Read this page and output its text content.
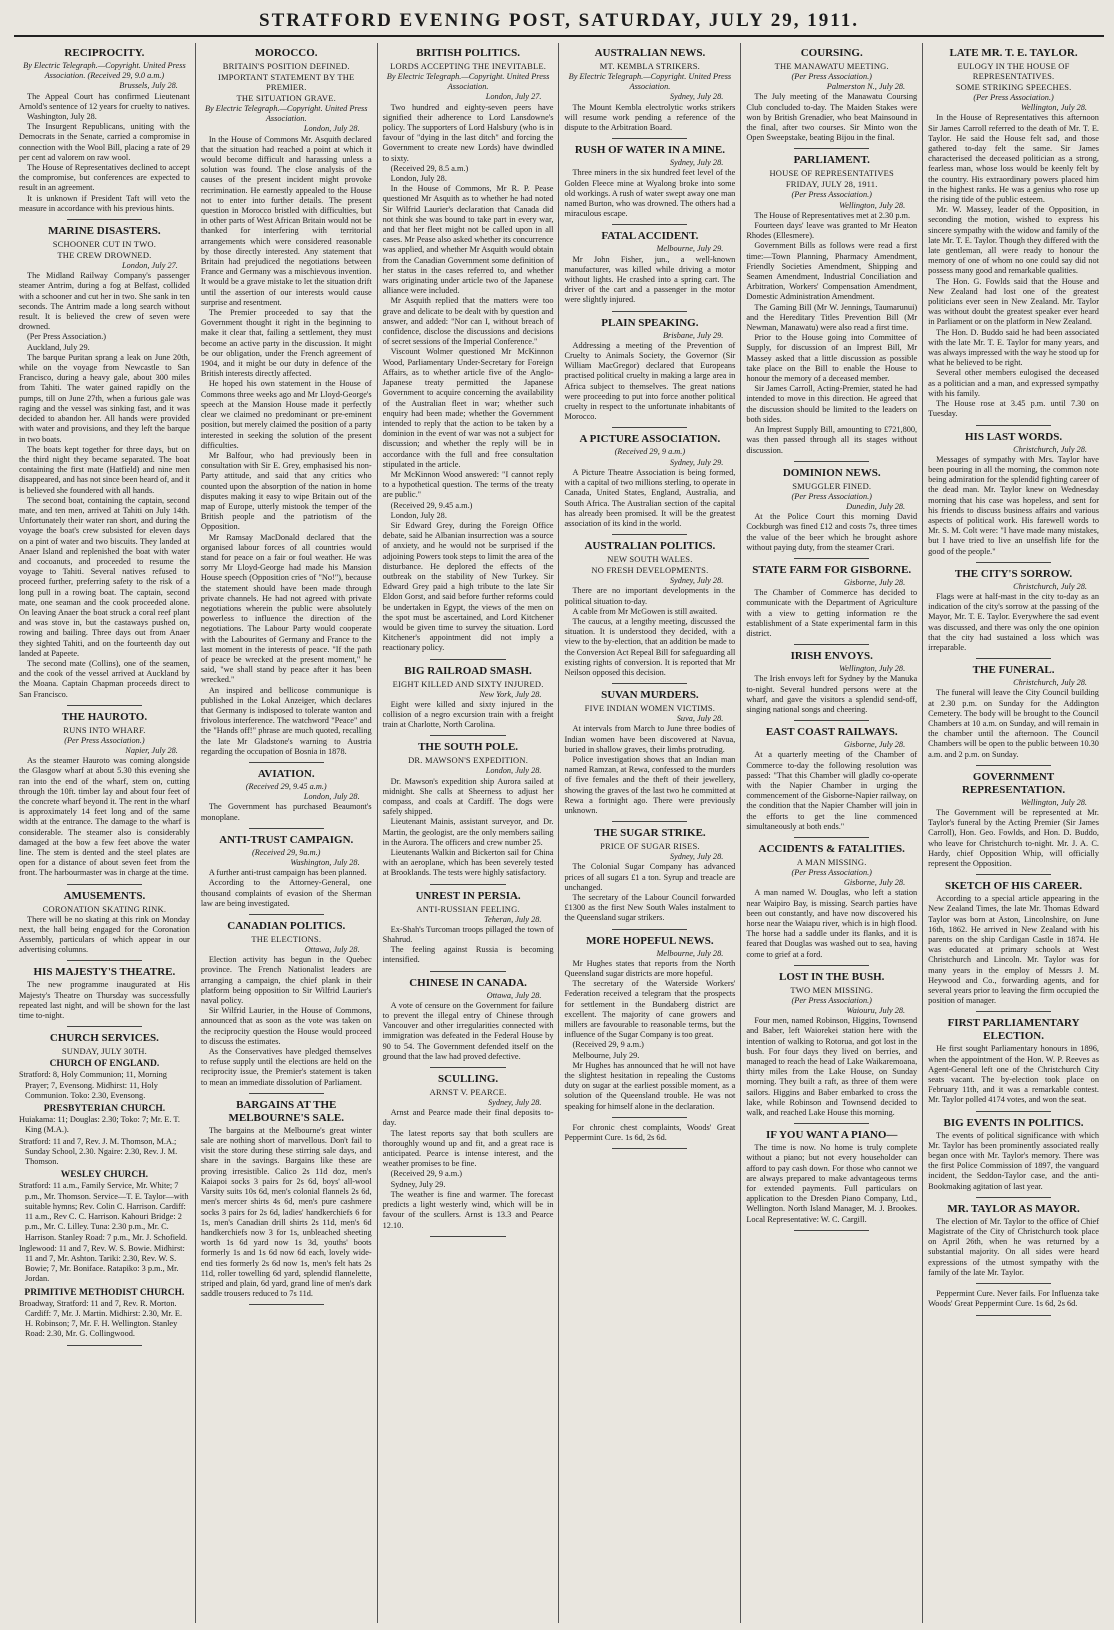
STRATFORD EVENING POST, SATURDAY, JULY 29, 1911.
RECIPROCITY.
By Electric Telegraph.—Copyright. United Press Association. (Received 29, 9.0 a.m.)
Brussels, July 28.

The Appeal Court has confirmed Lieutenant Arnold's sentence of 12 years for cruelty to natives.

Washington, July 28.

The Insurgent Republicans, uniting with the Democrats in the Senate, carried a compromise in connection with the Wool Bill, placing a rate of 29 per cent ad valorem on raw wool.

The House of Representatives declined to accept the compromise, but conferences are expected to result in an agreement.

It is unknown if President Taft will veto the measure in accordance with his previous hints.

MARINE DISASTERS.
SCHOONER CUT IN TWO.
THE CREW DROWNED.
London, July 27.

The Midland Railway Company's passenger steamer Antrim, during a fog at Belfast, collided with a schooner and cut her in two. She sank in ten seconds. The Antrim made a long search without result. It is believed the crew of seven were drowned.

(Per Press Association.)

Auckland, July 29.

The barque Puritan sprang a leak on June 20th, while on the voyage from Newcastle to San Francisco, during a heavy gale, about 300 miles from Tahiti. The water gained rapidly on the pumps, till on June 27th, when a furious gale was raging and the vessel was sinking fast, and it was decided to abandon her. All hands were provided with water and provisions, and they left the barque in two boats.

The boats kept together for three days, but on the third night they became separated. The boat containing the first mate (Hatfield) and nine men disappeared, and has not since been heard of, and it is believed she foundered with all hands.

The second boat, containing the captain, second mate, and ten men, arrived at Tahiti on July 14th. Unfortunately their water ran short, and during the voyage the boat's crew subsisted for eleven days on a pint of water and two biscuits. They landed at Anaer Island and replenished the boat with water and cocoanuts, and proceeded to resume the voyage to Tahiti. Several natives refused to proceed further, preferring safety to the risk of a long pull in a rowing boat. The captain, second mate, one seaman and the cook proceeded alone. On leaving Anaer the boat struck a coral reef plant and was stove in, but the castaways pushed on, rowing and bailing. Three days out from Anaer they sighted Tahiti, and on the fourteenth day out landed at Papeete.

The second mate (Collins), one of the seamen, and the cook of the vessel arrived at Auckland by the Moana. Captain Chapman proceeds direct to San Francisco.

THE HAUROTO.
RUNS INTO WHARF.
(Per Press Association.)
Napier, July 28.

As the steamer Hauroto was coming alongside the Glasgow wharf at about 5.30 this evening she ran into the end of the wharf, stem on, cutting through the 10ft. timber lay and about four feet of the concrete wharf beyond it. The rent in the wharf is approximately 14 feet long and of the same width at the entrance. The damage to the wharf is considerable. The steamer also is considerably damaged at the bow a few feet above the water line. The stem is dented and the steel plates are open for a distance of about seven feet from the front. The harbourmaster was in charge at the time.

AMUSEMENTS.
CORONATION SKATING RINK.

There will be no skating at this rink on Monday next, the hall being engaged for the Coronation Assembly, particulars of which appear in our advertising columns.

HIS MAJESTY'S THEATRE.

The new programme inaugurated at His Majesty's Theatre on Thursday was successfully repeated last night, and will be shown for the last time to-night.

CHURCH SERVICES.
SUNDAY, JULY 30TH.
CHURCH OF ENGLAND.
Stratford: 8, Holy Communion; 11, Morning Prayer; 7, Evensong. Midhirst: 11, Holy Communion. Toko: 2.30, Evensong.
PRESBYTERIAN CHURCH.
Huiakama: 11; Douglas: 2.30; Toko: 7; Mr. E. T. King (M.A.).
Stratford: 11 and 7, Rev. J. M. Thomson, M.A.; Sunday School, 2.30. Ngaire: 2.30, Rev. J. M. Thomson.
WESLEY CHURCH.
Stratford: 11 a.m., Family Service, Mr. White; 7 p.m., Mr. Thomson. Service—T. E. Taylor—with suitable hymns; Rev. Colin C. Harrison. Cardiff: 11 a.m., Rev C. C. Harrison. Kahouri Bridge: 2 p.m., Mr. C. Lilley. Tuna: 2.30 p.m., Mr. C. Harrison. Stanley Road: 7 p.m., Mr. J. Schofield.
Inglewood: 11 and 7, Rev. W. S. Bowie. Midhirst: 11 and 7, Mr. Ashton. Tariki: 2.30, Rev. W. S. Bowie; 7, Mr. Boniface. Ratapiko: 3 p.m., Mr. Jordan.
PRIMITIVE METHODIST CHURCH.
Broadway, Stratford: 11 and 7, Rev. R. Morton. Cardiff: 7, Mr. J. Martin. Midhirst: 2.30, Mr. E. H. Robinson; 7, Mr. F. H. Wellington. Stanley Road: 2.30, Mr. G. Collingwood.
MOROCCO.
BRITAIN'S POSITION DEFINED.
IMPORTANT STATEMENT BY THE PREMIER.
THE SITUATION GRAVE.
By Electric Telegraph.—Copyright. United Press Association.
London, July 28.

In the House of Commons Mr. Asquith declared that the situation had reached a point at which it would become difficult and harassing unless a solution was found. The close analysis of the causes of the present incident might provoke recrimination. He earnestly appealed to the House not to enter into further details. The present question in Morocco bristled with difficulties, but in other parts of West African Britain would not be thanked for interfering with territorial arrangements which were considered reasonable by those directly interested. Any statement that Britain had prejudiced the negotiations between France and Germany was a mischievous invention. It would be a grave mistake to let the situation drift until the assertion of our interests would cause surprise and resentment.

The Premier proceeded to say that the Government thought it right in the beginning to make it clear that, failing a settlement, they must become an active party in the discussion. It might be our obligation, under the French agreement of 1904, and it might be our duty in defence of the British interests directly affected.

He hoped his own statement in the House of Commons three weeks ago and Mr Lloyd-George's speech at the Mansion House made it perfectly clear we claimed no predominant or pre-eminent position, but merely claimed the position of a party interested in seeking the solution of the present difficulties.

Mr Balfour, who had previously been in consultation with Sir E. Grey, emphasised his non-Party attitude, and said that any critics who counted upon the absorption of the nation in home disputes making it easy to wipe Britain out of the map of Europe, utterly mistook the temper of the British people and the patriotism of the Opposition.

Mr Ramsay MacDonald declared that the organised labour forces of all countries would stand for peace on a fair or foul weather. He was sorry Mr Lloyd-George had made his Mansion House speech (Opposition cries of "No!"), because the statement should have been made through private channels. He had not agreed with private negotiations wherein the public were absolutely powerless to influence the direction of the negotiations. The Labour Party would cooperate with the Labourites of Germany and France to the last moment in the interests of peace. "If the path of peace be wrecked at the present moment," he said, "we shall stand by peace after it has been wrecked."

An inspired and bellicose communique is published in the Lokal Anzeiger, which declares that Germany is indisposed to tolerate wanton and frivolous interference. The watchword "Peace" and the "Hands off!" phrase are much quoted, recalling the late Mr Gladstone's warning to Austria regarding the occupation of Bosnia in 1878.

AVIATION.
(Received 29, 9.45 a.m.)
London, July 28.

The Government has purchased Beaumont's monoplane.

ANTI-TRUST CAMPAIGN.
(Received 29, 9a.m.)
Washington, July 28.

A further anti-trust campaign has been planned.

According to the Attorney-General, one thousand complaints of evasion of the Sherman law are being investigated.

CANADIAN POLITICS.
THE ELECTIONS.
Ottawa, July 28.

Election activity has begun in the Quebec province. The French Nationalist leaders are arranging a campaign, the chief plank in their platform being opposition to Sir Wilfrid Laurier's naval policy.

Sir Wilfrid Laurier, in the House of Commons, announced that as soon as the vote was taken on the reciprocity question the House would proceed to discuss the estimates.

As the Conservatives have pledged themselves to refuse supply until the elections are held on the reciprocity issue, the Premier's statement is taken to mean an immediate dissolution of Parliament.

BARGAINS AT THE MELBOURNE'S SALE.

The bargains at the Melbourne's great winter sale are nothing short of marvellous. Don't fail to visit the store during these stirring sale days, and share in the savings. Bargains like these are proving irresistible. Calico 2s 11d doz, men's Kaiapoi socks 3 pairs for 2s 6d, boys' all-wool Varsity suits 10s 6d, men's colonial flannels 2s 6d, men's mercer shirts 4s 6d, men's pure cashmere socks 3 pairs for 2s 6d, ladies' handkerchiefs 6 for 1s, men's Canadian drill shirts 2s 11d, men's 6d handkerchiefs now 3 for 1s, unbleached sheeting worth 1s 6d yard now 1s 3d, youths' boots formerly 1s and 1s 6d now 6d each, lovely wide-end ties formerly 2s 6d now 1s, men's felt hats 2s 11d, roller towelling 6d yard, splendid flannelette, striped and plain, 6d yard, grand line of men's dark saddle trousers reduced to 7s 11d.

BRITISH POLITICS.
LORDS ACCEPTING THE INEVITABLE.
By Electric Telegraph.—Copyright. United Press Association.
London, July 27.

Two hundred and eighty-seven peers have signified their adherence to Lord Lansdowne's policy. The supporters of Lord Halsbury (who is in favour of "dying in the last ditch" and forcing the Government to create new Lords) have dwindled to sixty.

(Received 29, 8.5 a.m.)

London, July 28.

In the House of Commons, Mr R. P. Pease questioned Mr Asquith as to whether he had noted Sir Wilfrid Laurier's declaration that Canada did not think she was bound to take part in every war, and that her fleet might not be called upon in all cases. Mr Pease also asked whether its concurrence was applied, and whether Mr Asquith would obtain from the Canadian Government some definition of her status in the cases referred to, and whether wars originating under article two of the Japanese alliance were included.

Mr Asquith replied that the matters were too grave and delicate to be dealt with by question and answer, and added: "Nor can I, without breach of confidence, disclose the discussions and decisions of secret sessions of the Imperial Conference."

Viscount Wolmer questioned Mr McKinnon Wood, Parliamentary Under-Secretary for Foreign Affairs, as to whether article five of the Anglo-Japanese treaty permitted the Japanese Government to acquire concerning the availability of the Australian fleet in war; whether such enquiry had been made; whether the Government intended to reply that the action to be taken by a dominion in the event of war was not a subject for discussion; and whether the reply will be in accordance with the full and free consultation stipulated in the article.

Mr McKinnon Wood answered: "I cannot reply to a hypothetical question. The terms of the treaty are public."

(Received 29, 9.45 a.m.)

London, July 28.

Sir Edward Grey, during the Foreign Office debate, said he Albanian insurrection was a source of anxiety, and he would not be surprised if the adjoining Powers took steps to limit the area of the disturbance. He deplored the effects of the outbreak on the stability of New Turkey. Sir Edward Grey paid a high tribute to the late Sir Eldon Gorst, and said before further reforms could be undertaken in Egypt, the views of the men on the spot must be ascertained, and Lord Kitchener would be given time to survey the situation. Lord Kitchener's appointment did not imply a reactionary policy.

BIG RAILROAD SMASH.
EIGHT KILLED AND SIXTY INJURED.
New York, July 28.

Eight were killed and sixty injured in the collision of a negro excursion train with a freight train at Charlotte, North Carolina.

THE SOUTH POLE.
DR. MAWSON'S EXPEDITION.
London, July 28.

Dr. Mawson's expedition ship Aurora sailed at midnight. She calls at Sheerness to adjust her compass, and coals at Cardiff. The dogs were safely shipped.

Lieutenant Mainis, assistant surveyor, and Dr. Martin, the geologist, are the only members sailing in the Aurora. The officers and crew number 25.

Lieutenants Walkin and Bickerton sail for China with an aeroplane, which has been severely tested at Brooklands. The tests were highly satisfactory.

UNREST IN PERSIA.
ANTI-RUSSIAN FEELING.
Teheran, July 28.

Ex-Shah's Turcoman troops pillaged the town of Shahrud.

The feeling against Russia is becoming intensified.

CHINESE IN CANADA.
Ottawa, July 28.

A vote of censure on the Government for failure to prevent the illegal entry of Chinese through Vancouver and other irregularities connected with immigration was defeated in the Federal House by 90 to 54. The Government defended itself on the ground that the law had proved defective.

SCULLING.
ARNST V. PEARCE.
Sydney, July 28.

Arnst and Pearce made their final deposits to-day.

The latest reports say that both scullers are thoroughly wound up and fit, and a great race is anticipated. Pearce is intense interest, and the weather promises to be fine.

(Received 29, 9 a.m.)

Sydney, July 29.

The weather is fine and warmer. The forecast predicts a light westerly wind, which will be in favour of the scullers. Arnst is 13.3 and Pearce 12.10.

AUSTRALIAN NEWS.
MT. KEMBLA STRIKERS.
By Electric Telegraph.—Copyright. United Press Association.
Sydney, July 28.

The Mount Kembla electrolytic works strikers will resume work pending a reference of the dispute to the Arbitration Board.

RUSH OF WATER IN A MINE.
Sydney, July 28.

Three miners in the six hundred feet level of the Golden Fleece mine at Wyalong broke into some old workings. A rush of water swept away one man named Burton, who was drowned. The others had a miraculous escape.

FATAL ACCIDENT.
Melbourne, July 29.

Mr John Fisher, jun., a well-known manufacturer, was killed while driving a motor without lights. He crashed into a spring cart. The driver of the cart and a passenger in the motor were slightly injured.

PLAIN SPEAKING.
Brisbane, July 29.

Addressing a meeting of the Prevention of Cruelty to Animals Society, the Governor (Sir William MacGregor) declared that Europeans practised political cruelty in making a large area in Africa subject to themselves. The great nations were proceeding to put into force another political cruelty in respect to the unfortunate inhabitants of Morocco.

A PICTURE ASSOCIATION.
(Received 29, 9 a.m.)
Sydney, July 29.

A Picture Theatre Association is being formed, with a capital of two millions sterling, to operate in Canada, United States, England, Australia, and South Africa. The Australian section of the capital has already been promised. It will be the greatest association of its kind in the world.

AUSTRALIAN POLITICS.
NEW SOUTH WALES.
NO FRESH DEVELOPMENTS.
Sydney, July 28.

There are no important developments in the political situation to-day.

A cable from Mr McGowen is still awaited.

The caucus, at a lengthy meeting, discussed the situation. It is understood they decided, with a view to the by-election, that an addition be made to the Conversion Act Repeal Bill for safeguarding all existing rights of conversion. It is reported that Mr Neilson opposed this decision.

SUVAN MURDERS.
FIVE INDIAN WOMEN VICTIMS.
Suva, July 28.

At intervals from March to June three bodies of Indian women have been discovered at Navua, buried in shallow graves, their limbs protruding.

Police investigation shows that an Indian man named Ramzan, at Rewa, confessed to the murders of five females and the theft of their jewellery, showing the graves of the last two he committed at Rewa a fortnight ago. There were previously unknown.

THE SUGAR STRIKE.
PRICE OF SUGAR RISES.
Sydney, July 28.

The Colonial Sugar Company has advanced prices of all sugars £1 a ton. Syrup and treacle are unchanged.

The secretary of the Labour Council forwarded £1300 as the first New South Wales instalment to the Queensland sugar strikers.

MORE HOPEFUL NEWS.
Melbourne, July 28.

Mr Hughes states that reports from the North Queensland sugar districts are more hopeful.

The secretary of the Waterside Workers' Federation received a telegram that the prospects for settlement in the Bundaberg district are excellent. The majority of cane growers and millers are favourable to reasonable terms, but the influence of the Sugar Company is too great.

(Received 29, 9 a.m.)

Melbourne, July 29.

Mr Hughes has announced that he will not have the slightest hesitation in repealing the Customs duty on sugar at the earliest possible moment, as a solution of the Queensland trouble. He was not speaking for himself alone in the declaration.

For chronic chest complaints, Woods' Great Peppermint Cure. 1s 6d, 2s 6d.

COURSING.
THE MANAWATU MEETING.
(Per Press Association.)
Palmerston N., July 28.

The July meeting of the Manawatu Coursing Club concluded to-day. The Maiden Stakes were won by British Grenadier, who beat Mainsound in the final, after two courses. Sir Minto won the Open Sweepstake, beating Bijou in the final.

PARLIAMENT.
HOUSE OF REPRESENTATIVES
FRIDAY, JULY 28, 1911.
(Per Press Association.)
Wellington, July 28.

The House of Representatives met at 2.30 p.m.

Fourteen days' leave was granted to Mr Heaton Rhodes (Ellesmere).

Government Bills as follows were read a first time:—Town Planning, Pharmacy Amendment, Friendly Societies Amendment, Shipping and Seamen Amendment, Industrial Conciliation and Arbitration, Workers' Compensation Amendment, Domestic Administration Amendment.

The Gaming Bill (Mr W. Jennings, Taumarunui) and the Hereditary Titles Prevention Bill (Mr Newman, Manawatu) were also read a first time.

Prior to the House going into Committee of Supply, for discussion of an Imprest Bill, Mr Massey asked that a little discussion as possible take place on the Bill to enable the House to honour the memory of a deceased member.

Sir James Carroll, Acting-Premier, stated he had intended to move in this direction. He agreed that the discussion should be limited to the leaders on both sides.

An Imprest Supply Bill, amounting to £721,800, was then passed through all its stages without discussion.

DOMINION NEWS.
SMUGGLER FINED.
(Per Press Association.)
Dunedin, July 28.

At the Police Court this morning David Cockburgh was fined £12 and costs 7s, three times the value of the beer which he brought ashore without paying duty, from the steamer Crari.

STATE FARM FOR GISBORNE.
Gisborne, July 28.

The Chamber of Commerce has decided to communicate with the Department of Agriculture with a view to getting information re the establishment of a State experimental farm in this district.

IRISH ENVOYS.
Wellington, July 28.

The Irish envoys left for Sydney by the Manuka to-night. Several hundred persons were at the wharf, and gave the visitors a splendid send-off, singing national songs and cheering.

EAST COAST RAILWAYS.
Gisborne, July 28.

At a quarterly meeting of the Chamber of Commerce to-day the following resolution was passed: "That this Chamber will gladly co-operate with the Napier Chamber in urging the commencement of the Gisborne-Napier railway, on the condition that the Napier Chamber will join in the efforts to get the line commenced simultaneously at both ends."

ACCIDENTS & FATALITIES.
A MAN MISSING.
(Per Press Association.)
Gisborne, July 28.

A man named W. Douglas, who left a station near Waipiro Bay, is missing. Search parties have been out constantly, and have now discovered his horse near the Waiapu river, which is in high flood. The horse had a saddle under its flanks, and it is feared that Douglas was washed out to sea, having come to grief at a ford.

LOST IN THE BUSH.
TWO MEN MISSING.
(Per Press Association.)
Waiouru, July 28.

Four men, named Robinson, Higgins, Townsend and Baber, left Waiorekei station here with the intention of walking to Rotorua, and got lost in the bush. For four days they lived on berries, and managed to reach the head of Lake Waikaremoana, thirty miles from the Lake House, on Sunday morning. They built a raft, as three of them were sailors. Higgins and Baber embarked to cross the lake, while Robinson and Townsend decided to walk, and reached Lake House this morning.

IF YOU WANT A PIANO—

The time is now. No home is truly complete without a piano; but not every householder can afford to pay cash down. For those who cannot we are always prepared to make advantageous terms for extended payments. Full particulars on application to the Dresden Piano Company, Ltd., Wellington. North Island Manager, M. J. Brookes. Local Representative: W. C. Cargill.

LATE MR. T. E. TAYLOR.
EULOGY IN THE HOUSE OF REPRESENTATIVES.
SOME STRIKING SPEECHES.
(Per Press Association.)
Wellington, July 28.

In the House of Representatives this afternoon Sir James Carroll referred to the death of Mr. T. E. Taylor. He said the House felt sad, and those gathered to-day felt the same. Sir James characterised the deceased politician as a strong, fearless man, whose loss would be keenly felt by the country. His extraordinary powers placed him in the highest ranks. He was a genius who rose up the rising tide of the public esteem.

Mr. W. Massey, leader of the Opposition, in seconding the motion, wished to express his sincere sympathy with the widow and family of the late Mr. T. E. Taylor. Though they differed with the late gentleman, all were ready to honour the memory of one of whom no one could say did not possess many good and remarkable qualities.

The Hon. G. Fowlds said that the House and New Zealand had lost one of the greatest politicians ever seen in New Zealand. Mr. Taylor was without doubt the greatest speaker ever heard in Parliament or on the platform in New Zealand.

The Hon. D. Buddo said he had been associated with the late Mr. T. E. Taylor for many years, and was always impressed with the way he stood up for what he believed to be right.

Several other members eulogised the deceased as a politician and a man, and expressed sympathy with his family.

The House rose at 3.45 p.m. until 7.30 on Tuesday.

HIS LAST WORDS.
Christchurch, July 28.

Messages of sympathy with Mrs. Taylor have been pouring in all the morning, the common note being admiration for the splendid fighting career of the dead man. Mr. Taylor knew on Wednesday morning that his case was hopeless, and sent for his friends to discuss business affairs and various aspects of political work. His farewell words to Mr. S. M. Colt were: "I have made many mistakes, but I have tried to live an unselfish life for the good of the people."

THE CITY'S SORROW.
Christchurch, July 28.

Flags were at half-mast in the city to-day as an indication of the city's sorrow at the passing of the Mayor, Mr. T. E. Taylor. Everywhere the sad event was discussed, and there was only the one opinion that the city had sustained a loss which was irreparable.

THE FUNERAL.
Christchurch, July 28.

The funeral will leave the City Council building at 2.30 p.m. on Sunday for the Addington Cemetery. The body will be brought to the Council Chambers at 10 a.m. on Sunday, and will remain in the chamber until the afternoon. The Council Chambers will be open to the public between 10.30 a.m. and 2 p.m. on Sunday.

GOVERNMENT REPRESENTATION.
Wellington, July 28.

The Government will be represented at Mr. Taylor's funeral by the Acting Premier (Sir James Carroll), Hon. Geo. Fowlds, and Hon. D. Buddo, who leave for Christchurch to-night. Mr. J. A. C. Hardy, chief Opposition Whip, will officially represent the Opposition.

SKETCH OF HIS CAREER.

According to a special article appearing in the New Zealand Times, the late Mr. Thomas Edward Taylor was born at Aston, Lincolnshire, on June 16th, 1862. He arrived in New Zealand with his parents on the ship Cardigan Castle in 1874. He was educated at primary schools at West Christchurch and Lincoln. Mr. Taylor was for many years in the employ of Messrs J. M. Heywood and Co., forwarding agents, and for several years prior to leaving the firm occupied the position of manager.

FIRST PARLIAMENTARY ELECTION.

He first sought Parliamentary honours in 1896, when the appointment of the Hon. W. P. Reeves as Agent-General left one of the Christchurch City seats vacant. The by-election took place on February 11th, and it was a remarkable contest. Mr. Taylor polled 4174 votes, and won the seat.

BIG EVENTS IN POLITICS.

The events of political significance with which Mr. Taylor has been prominently associated really began once with Mr. Taylor's memory. There was the first Police Commission of 1897, the vanguard incident, the Seddon-Taylor case, and the anti-Bookmaking agitation of last year.

MR. TAYLOR AS MAYOR.

The election of Mr. Taylor to the office of Chief Magistrate of the City of Christchurch took place on April 26th, when he was returned by a substantial majority. On all sides were heard expressions of the utmost sympathy with the family of the late Mr. Taylor.

Peppermint Cure. Never fails. For Influenza take Woods' Great Peppermint Cure. 1s 6d, 2s 6d.
